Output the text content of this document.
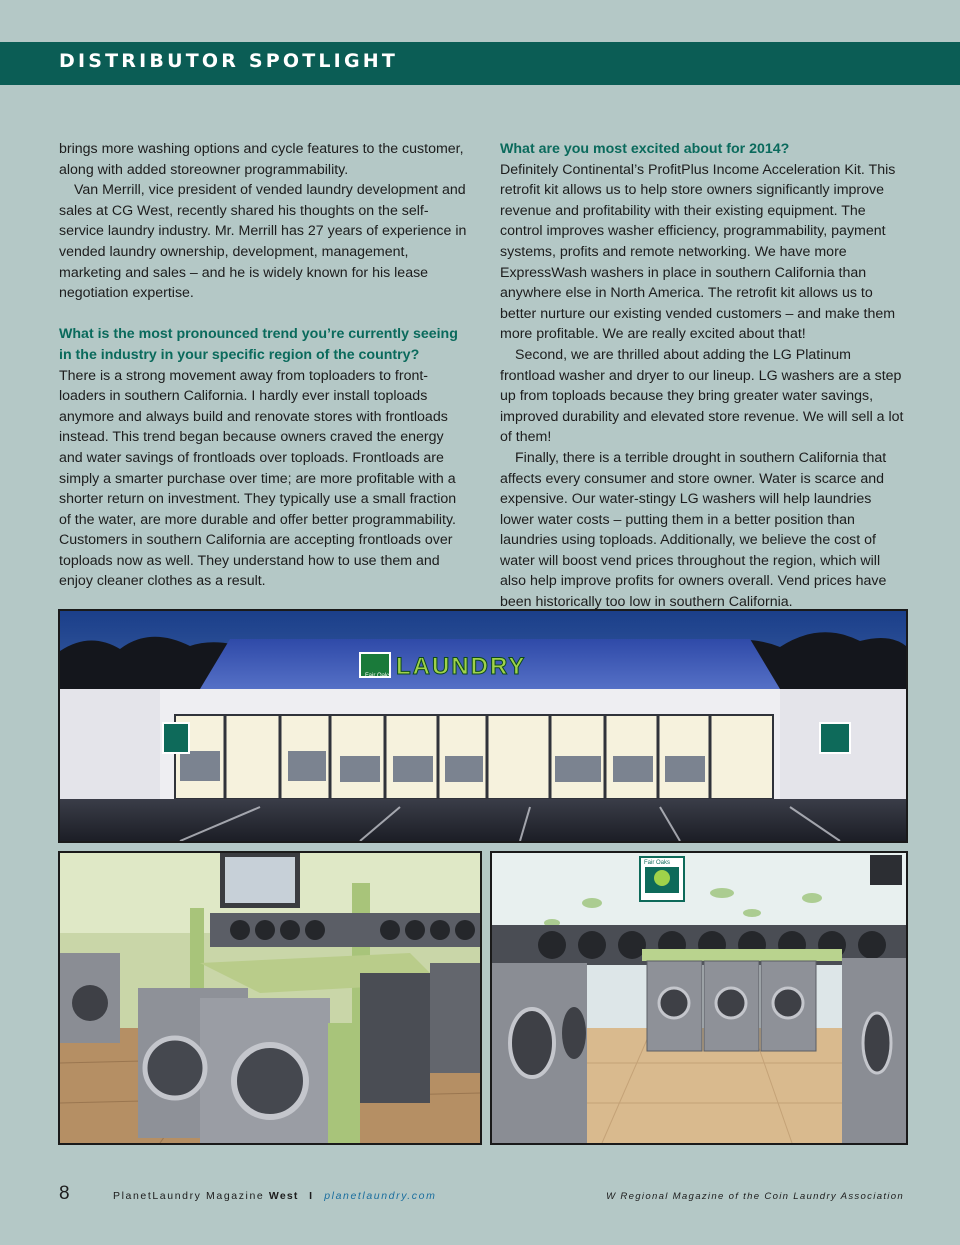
DISTRIBUTOR SPOTLIGHT

brings more washing options and cycle features to the customer, along with added storeowner programmability.

Van Merrill, vice president of vended laundry development and sales at CG West, recently shared his thoughts on the self-service laundry industry. Mr. Merrill has 27 years of experience in vended laundry ownership, development, management, marketing and sales – and he is widely known for his lease negotiation expertise.

What is the most pronounced trend you’re currently seeing in the industry in your specific region of the country?

There is a strong movement away from toploaders to front-loaders in southern California. I hardly ever install toploads anymore and always build and renovate stores with frontloads instead. This trend began because owners craved the energy and water savings of frontloads over toploads. Frontloads are simply a smarter purchase over time; are more profitable with a shorter return on investment. They typically use a small fraction of the water, are more durable and offer better programmability. Customers in southern California are accepting frontloads over toploads now as well. They understand how to use them and enjoy cleaner clothes as a result.

What are you most excited about for 2014?

Definitely Continental’s ProfitPlus Income Acceleration Kit. This retrofit kit allows us to help store owners significantly improve revenue and profitability with their existing equipment. The control improves washer efficiency, programmability, payment systems, profits and remote networking. We have more ExpressWash washers in place in southern California than anywhere else in North America. The retrofit kit allows us to better nurture our existing vended customers – and make them more profitable. We are really excited about that!

Second, we are thrilled about adding the LG Platinum frontload washer and dryer to our lineup. LG washers are a step up from toploads because they bring greater water savings, improved durability and elevated store revenue. We will sell a lot of them!

Finally, there is a terrible drought in southern California that affects every consumer and store owner. Water is scarce and expensive. Our water-stingy LG washers will help laundries lower water costs – putting them in a better position than laundries using toploads. Additionally, we believe the cost of water will boost vend prices throughout the region, which will also help improve profits for owners overall. Vend prices have been historically too low in southern California.

Fair Oaks LAUNDRY
Fair Oaks
LAUNDRY
8	PlanetLaundry Magazine West I planetlaundry.com	W Regional Magazine of the Coin Laundry Association
